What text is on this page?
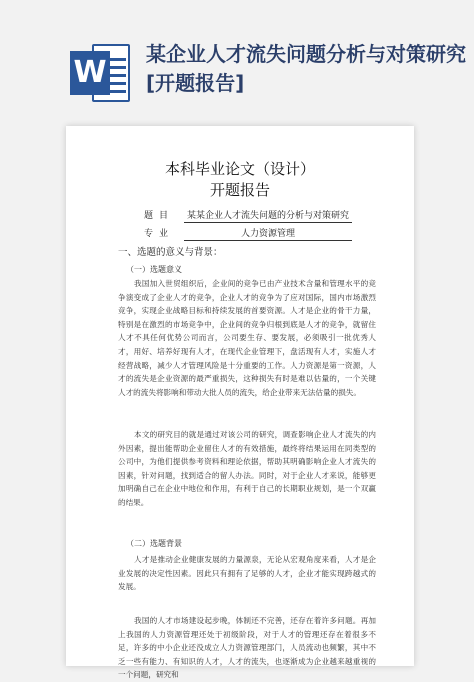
W
某企业人才流失问题分析与对策研究[开题报告]
本科毕业论文（设计）
开题报告
题目	某某企业人才流失问题的分析与对策研究
专业	人力资源管理
一、选题的意义与背景：
（一）选题意义
我国加入世贸组织后，企业间的竞争已由产业技术含量和管理水平的竞争演变成了企业人才的竞争，企业人才的竞争为了应对国际，国内市场激烈竞争，实现企业战略目标和持续发展的首要资源。人才是企业的骨干力量，特别是在激烈的市场竞争中，企业间的竞争归根到底是人才的竞争，就留住人才不具任何优势公司而言，公司要生存、要发展，必须吸引一批优秀人才，用好、培养好现有人才，在现代企业管理下，盘活现有人才，实施人才经营战略，减少人才管理风险是十分重要的工作。人力资源是第一资源，人才的流失是企业资源的最严重损失，这种损失有时是难以估量的，一个关键人才的流失将影响和带动大批人员的流失，给企业带来无法估量的损失。
本文的研究目的就是通过对该公司的研究，调查影响企业人才流失的内外因素，提出能帮助企业留住人才的有效措施，最终将结果运用在同类型的公司中，为他们提供参考资料和理论依据，帮助其明确影响企业人才流失的因素，针对问题，找到适合的留人办法。同时，对于企业人才来说，能够更加明确自己在企业中地位和作用，有利于自己的长期职业规划，是一个双赢的结果。
（二）选题背景
人才是推动企业健康发展的力量源泉，无论从宏观角度来看，人才是企业发展的决定性因素。因此只有拥有了足够的人才，企业才能实现跨越式的发展。
我国的人才市场建设起步晚，体制还不完善，还存在着许多问题。再加上我国的人力资源管理还处于初级阶段，对于人才的管理还存在着很多不足，许多的中小企业还没成立人力资源管理部门，人员流动也频繁，其中不乏一些有能力、有知识的人才，人才的流失，也逐渐成为企业越来越重视的一个问题，研究和
